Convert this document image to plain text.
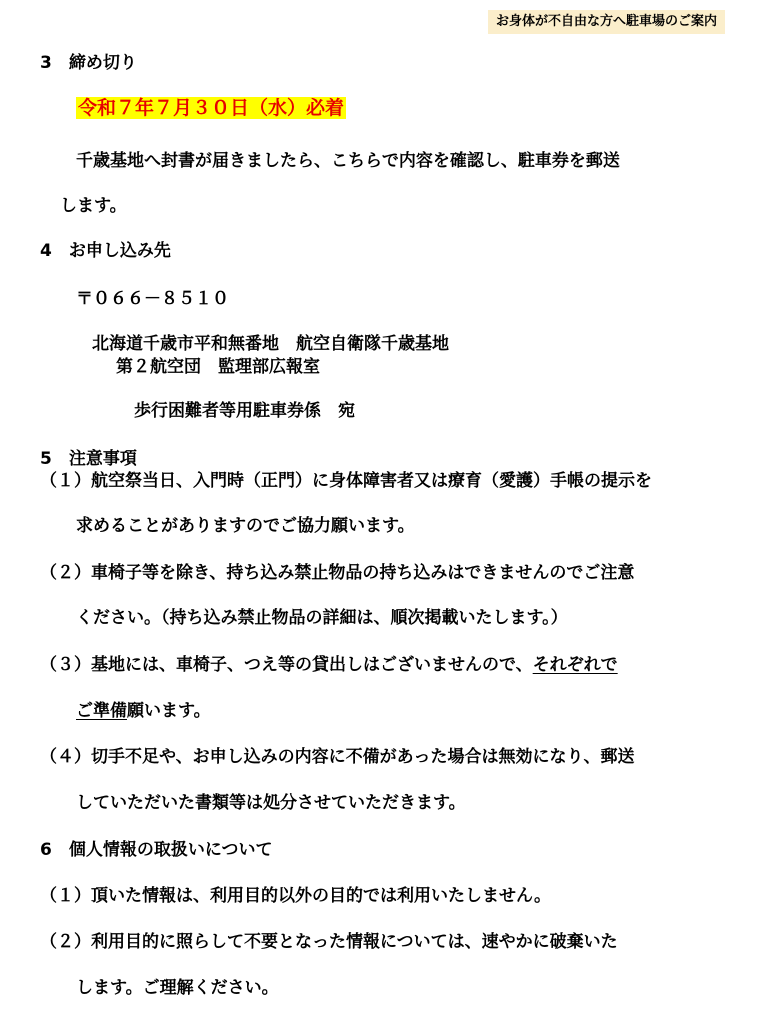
お身体が不自由な方へ駐車場のご案内
3　締め切り
令和７年７月３０日（水）必着
千歳基地へ封書が届きましたら、こちらで内容を確認し、駐車券を郵送
します。
4　お申し込み先
〒０６６－８５１０
北海道千歳市平和無番地　航空自衛隊千歳基地
第２航空団　監理部広報室
歩行困難者等用駐車券係　宛
5　注意事項
（１）航空祭当日、入門時（正門）に身体障害者又は療育（愛護）手帳の提示を
求めることがありますのでご協力願います。
（２）車椅子等を除き、持ち込み禁止物品の持ち込みはできませんのでご注意
ください。（持ち込み禁止物品の詳細は、順次掲載いたします。）
（３）基地には、車椅子、つえ等の貸出しはございませんので、それぞれで
ご準備願います。
（４）切手不足や、お申し込みの内容に不備があった場合は無効になり、郵送
していただいた書類等は処分させていただきます。
6　個人情報の取扱いについて
（１）頂いた情報は、利用目的以外の目的では利用いたしません。
（２）利用目的に照らして不要となった情報については、速やかに破棄いた
します。ご理解ください。
